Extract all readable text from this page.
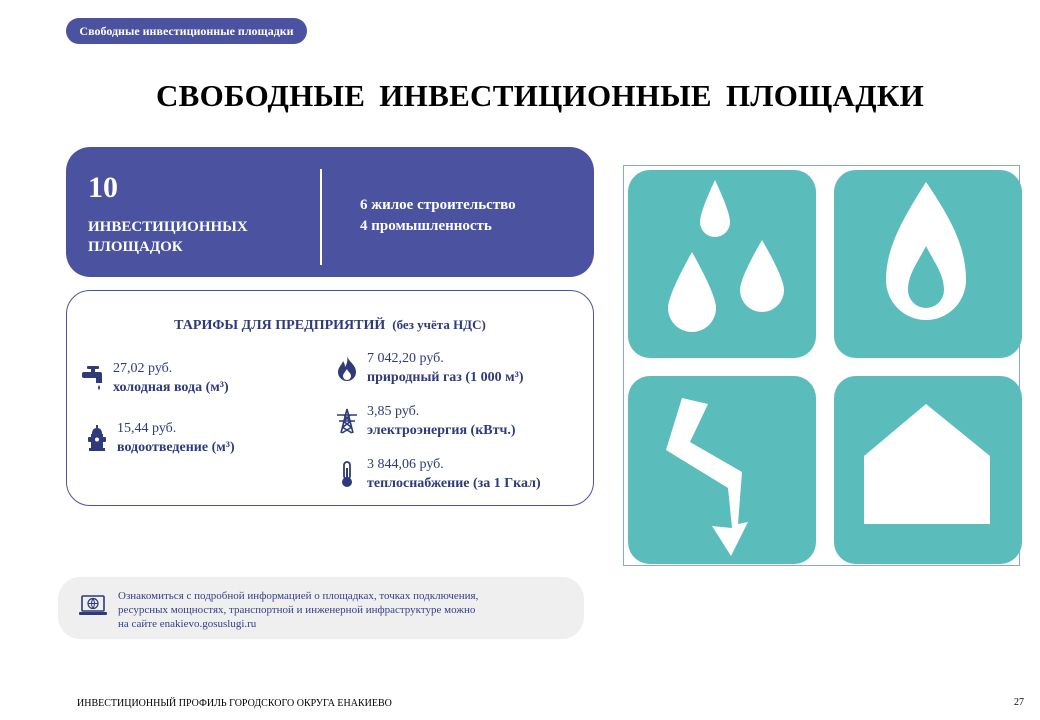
Свободные инвестиционные площадки
СВОБОДНЫЕ ИНВЕСТИЦИОННЫЕ ПЛОЩАДКИ
10
ИНВЕСТИЦИОННЫХ ПЛОЩАДОК
6 жилое строительство
4 промышленность
ТАРИФЫ ДЛЯ ПРЕДПРИЯТИЙ (без учёта НДС)
27,02 руб.
холодная вода (м³)
15,44 руб.
водоотведение (м³)
7 042,20 руб.
природный газ (1 000 м³)
3,85 руб.
электроэнергия (кВтч.)
3 844,06 руб.
теплоснабжение (за 1 Гкал)
Ознакомиться с подробной информацией о площадках, точках подключения,
ресурсных мощностях, транспортной и инженерной инфраструктуре можно
на сайте enakievo.gosuslugi.ru
ИНВЕСТИЦИОННЫЙ ПРОФИЛЬ ГОРОДСКОГО ОКРУГА ЕНАКИЕВО	27
